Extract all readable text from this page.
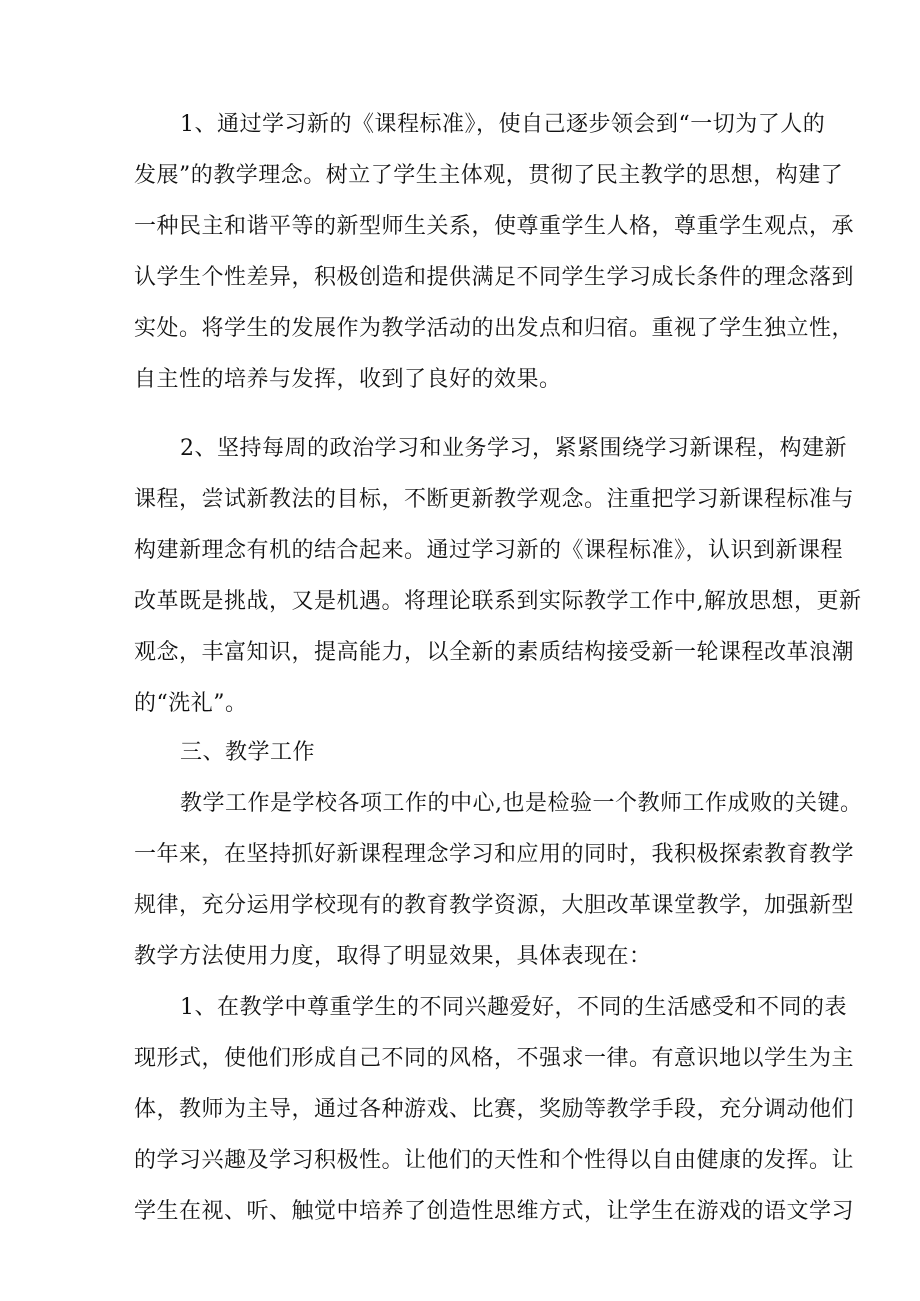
1、通过学习新的《课程标准》，使自己逐步领会到“一切为了人的
发展”的教学理念。树立了学生主体观，贯彻了民主教学的思想，构建了
一种民主和谐平等的新型师生关系，使尊重学生人格，尊重学生观点，承
认学生个性差异，积极创造和提供满足不同学生学习成长条件的理念落到
实处。将学生的发展作为教学活动的出发点和归宿。重视了学生独立性，
自主性的培养与发挥，收到了良好的效果。
2、坚持每周的政治学习和业务学习，紧紧围绕学习新课程，构建新
课程，尝试新教法的目标，不断更新教学观念。注重把学习新课程标准与
构建新理念有机的结合起来。通过学习新的《课程标准》，认识到新课程
改革既是挑战，又是机遇。将理论联系到实际教学工作中,解放思想，更新
观念，丰富知识，提高能力，以全新的素质结构接受新一轮课程改革浪潮
的“洗礼”。
三、教学工作
教学工作是学校各项工作的中心,也是检验一个教师工作成败的关键。
一年来，在坚持抓好新课程理念学习和应用的同时，我积极探索教育教学
规律，充分运用学校现有的教育教学资源，大胆改革课堂教学，加强新型
教学方法使用力度，取得了明显效果，具体表现在：
1、在教学中尊重学生的不同兴趣爱好，不同的生活感受和不同的表
现形式，使他们形成自己不同的风格，不强求一律。有意识地以学生为主
体，教师为主导，通过各种游戏、比赛，奖励等教学手段，充分调动他们
的学习兴趣及学习积极性。让他们的天性和个性得以自由健康的发挥。让
学生在视、听、触觉中培养了创造性思维方式，让学生在游戏的语文学习
